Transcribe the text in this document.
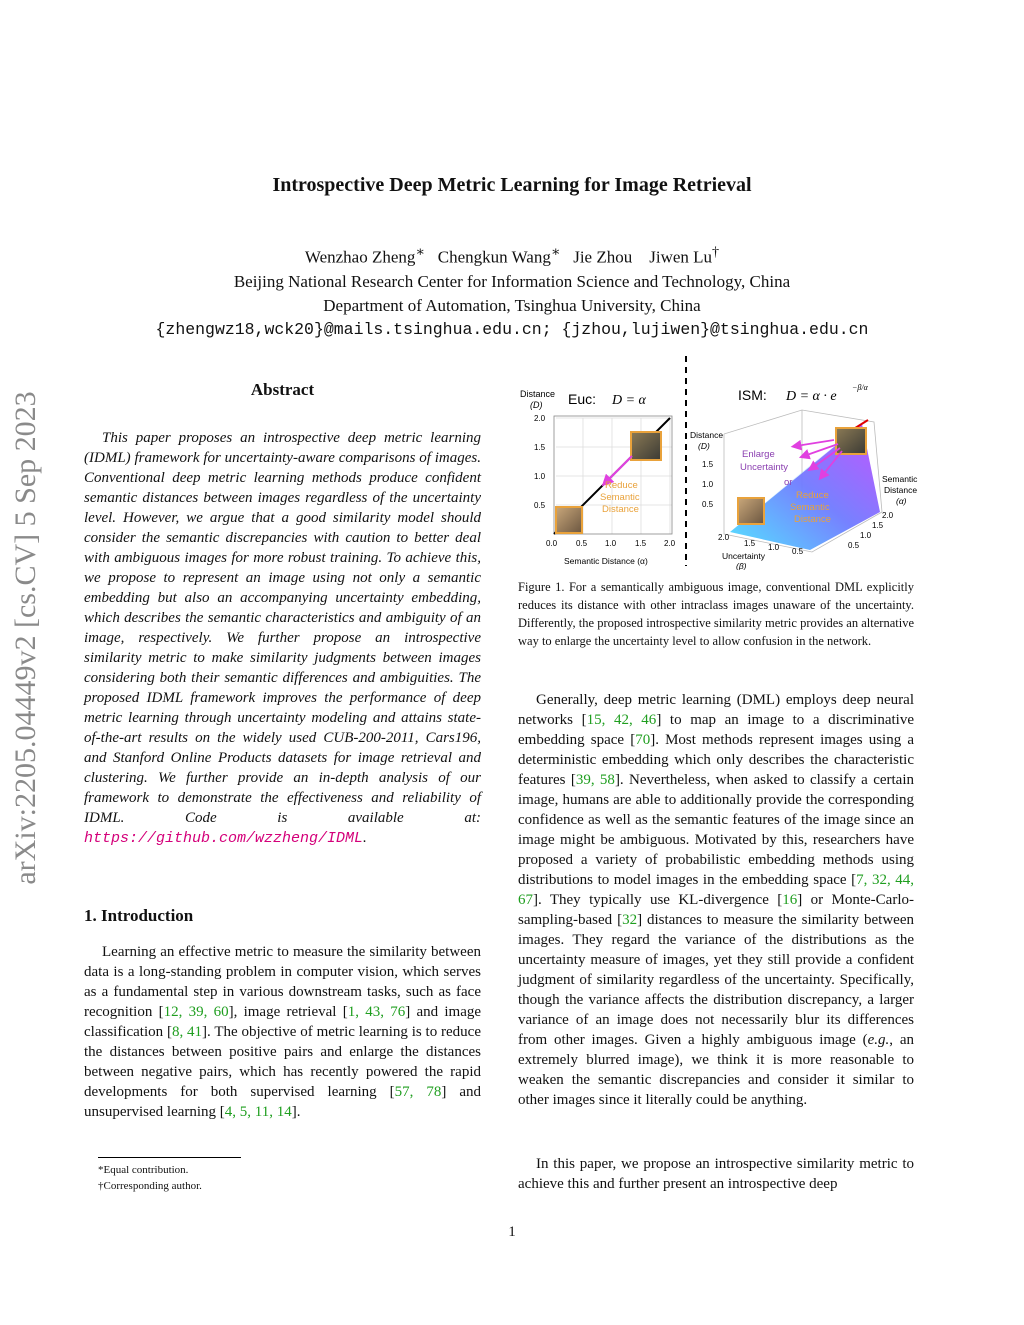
arXiv:2205.04449v2 [cs.CV] 5 Sep 2023
Introspective Deep Metric Learning for Image Retrieval
Wenzhao Zheng∗ Chengkun Wang∗ Jie Zhou Jiwen Lu†
Beijing National Research Center for Information Science and Technology, China
Department of Automation, Tsinghua University, China
{zhengwz18,wck20}@mails.tsinghua.edu.cn; {jzhou,lujiwen}@tsinghua.edu.cn
Abstract
This paper proposes an introspective deep metric learning (IDML) framework for uncertainty-aware comparisons of images. Conventional deep metric learning methods produce confident semantic distances between images regardless of the uncertainty level. However, we argue that a good similarity model should consider the semantic discrepancies with caution to better deal with ambiguous images for more robust training. To achieve this, we propose to represent an image using not only a semantic embedding but also an accompanying uncertainty embedding, which describes the semantic characteristics and ambiguity of an image, respectively. We further propose an introspective similarity metric to make similarity judgments between images considering both their semantic differences and ambiguities. The proposed IDML framework improves the performance of deep metric learning through uncertainty modeling and attains state-of-the-art results on the widely used CUB-200-2011, Cars196, and Stanford Online Products datasets for image retrieval and clustering. We further provide an in-depth analysis of our framework to demonstrate the effectiveness and reliability of IDML. Code is available at: https://github.com/wzzheng/IDML.
1. Introduction
Learning an effective metric to measure the similarity between data is a long-standing problem in computer vision, which serves as a fundamental step in various downstream tasks, such as face recognition [12, 39, 60], image retrieval [1, 43, 76] and image classification [8, 41]. The objective of metric learning is to reduce the distances between positive pairs and enlarge the distances between negative pairs, which has recently powered the rapid developments for both supervised learning [57, 78] and unsupervised learning [4, 5, 11, 14].
*Equal contribution.
†Corresponding author.
Distance
(D) Euc: D = α
2.0
1.5
1.0
0.5
0.0 0.5 1.0 1.5 2.0
Semantic Distance (α)
Reduce
Semantic
Distance
ISM: D = α · e
−β/α
Distance
(D)
1.5
1.0
0.5
Enlarge
Uncertainty
or
Reduce
Semantic
Distance
2.0
1.5 1.0 0.5
Uncertainty
(β)
2.0
1.5
1.0
0.5
Semantic
Distance
(α)
Figure 1. For a semantically ambiguous image, conventional DML explicitly reduces its distance with other intraclass images unaware of the uncertainty. Differently, the proposed introspective similarity metric provides an alternative way to enlarge the uncertainty level to allow confusion in the network.
Generally, deep metric learning (DML) employs deep neural networks [15, 42, 46] to map an image to a discriminative embedding space [70]. Most methods represent images using a deterministic embedding which only describes the characteristic features [39, 58]. Nevertheless, when asked to classify a certain image, humans are able to additionally provide the corresponding confidence as well as the semantic features of the image since an image might be ambiguous. Motivated by this, researchers have proposed a variety of probabilistic embedding methods using distributions to model images in the embedding space [7, 32, 44, 67]. They typically use KL-divergence [16] or Monte-Carlo-sampling-based [32] distances to measure the similarity between images. They regard the variance of the distributions as the uncertainty measure of images, yet they still provide a confident judgment of similarity regardless of the uncertainty. Specifically, though the variance affects the distribution discrepancy, a larger variance of an image does not necessarily blur its differences from other images. Given a highly ambiguous image (e.g., an extremely blurred image), we think it is more reasonable to weaken the semantic discrepancies and consider it similar to other images since it literally could be anything.
In this paper, we propose an introspective similarity metric to achieve this and further present an introspective deep
1
